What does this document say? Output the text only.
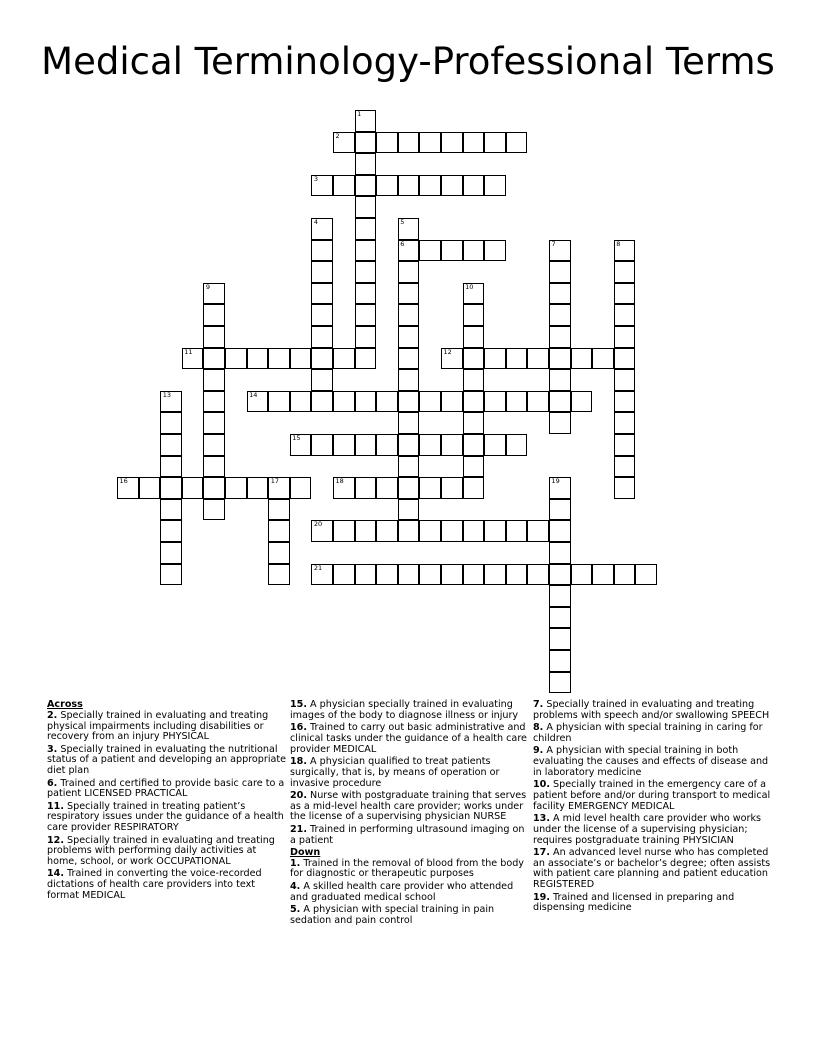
Medical Terminology-Professional Terms
1
2
3
4	5
6	7	8
9	10
11	12
13	14
15
16	17	18	19
20
21
Across
2. Specially trained in evaluating and treating physical impairments including disabilities or recovery from an injury PHYSICAL
3. Specially trained in evaluating the nutritional status of a patient and developing an appropriate diet plan
6. Trained and certified to provide basic care to a patient LICENSED PRACTICAL
11. Specially trained in treating patient’s respiratory issues under the guidance of a health care provider RESPIRATORY
12. Specially trained in evaluating and treating problems with performing daily activities at home, school, or work OCCUPATIONAL
14. Trained in converting the voice-recorded dictations of health care providers into text format MEDICAL
15. A physician specially trained in evaluating images of the body to diagnose illness or injury
16. Trained to carry out basic administrative and clinical tasks under the guidance of a health care provider MEDICAL
18. A physician qualified to treat patients surgically, that is, by means of operation or invasive procedure
20. Nurse with postgraduate training that serves as a mid-level health care provider; works under the license of a supervising physician NURSE
21. Trained in performing ultrasound imaging on a patient
Down
1. Trained in the removal of blood from the body for diagnostic or therapeutic purposes
4. A skilled health care provider who attended and graduated medical school
5. A physician with special training in pain sedation and pain control
7. Specially trained in evaluating and treating problems with speech and/or swallowing SPEECH
8. A physician with special training in caring for children
9. A physician with special training in both evaluating the causes and effects of disease and in laboratory medicine
10. Specially trained in the emergency care of a patient before and/or during transport to medical facility EMERGENCY MEDICAL
13. A mid level health care provider who works under the license of a supervising physician; requires postgraduate training PHYSICIAN
17. An advanced level nurse who has completed an associate’s or bachelor’s degree; often assists with patient care planning and patient education REGISTERED
19. Trained and licensed in preparing and dispensing medicine
